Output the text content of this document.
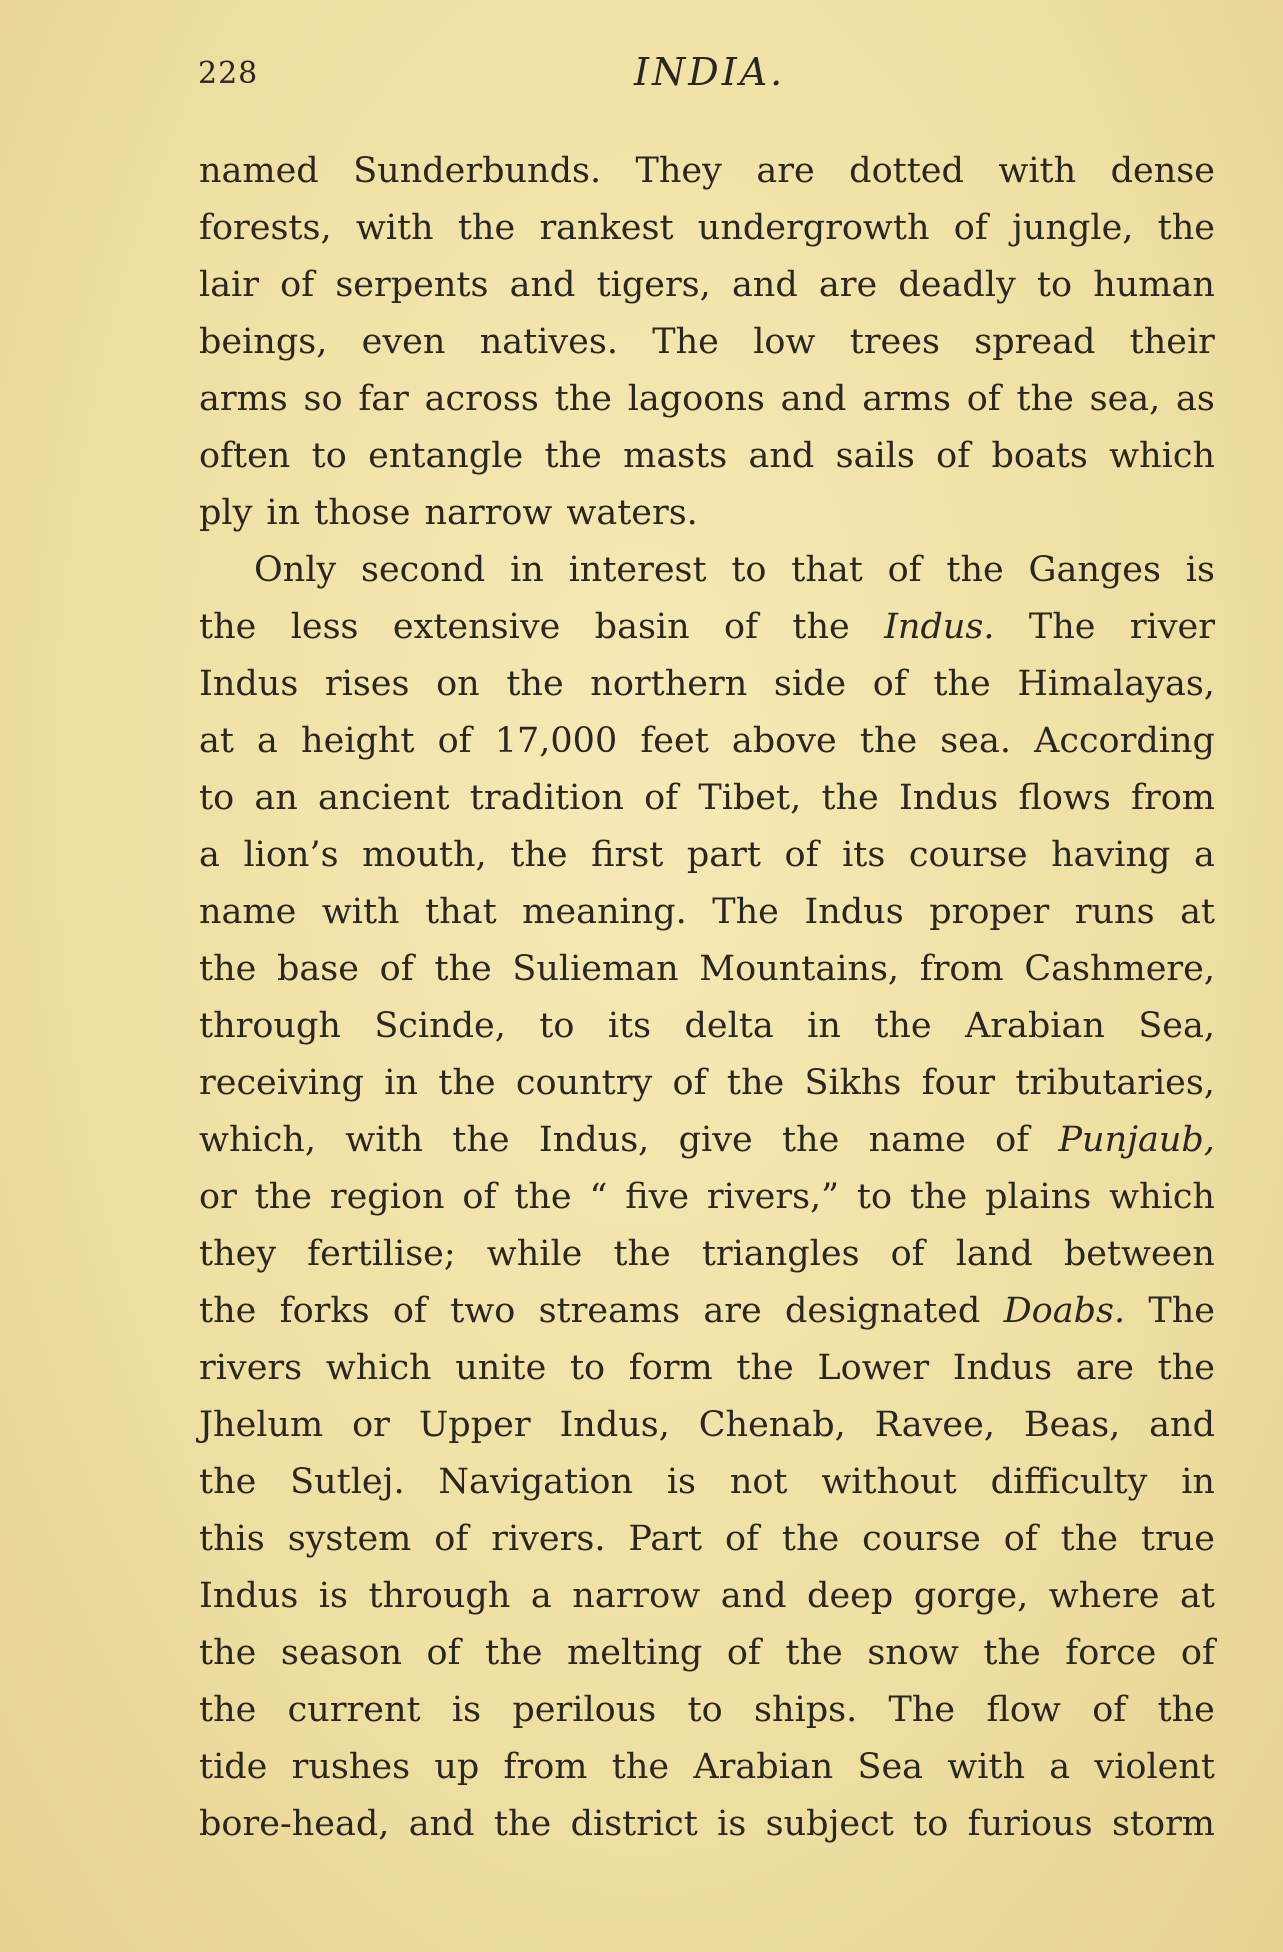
228	INDIA.
named Sunderbunds. They are dotted with dense
forests, with the rankest undergrowth of jungle, the
lair of serpents and tigers, and are deadly to human
beings, even natives. The low trees spread their
arms so far across the lagoons and arms of the sea, as
often to entangle the masts and sails of boats which
ply in those narrow waters.
Only second in interest to that of the Ganges is
the less extensive basin of the Indus. The river
Indus rises on the northern side of the Himalayas,
at a height of 17,000 feet above the sea. According
to an ancient tradition of Tibet, the Indus flows from
a lion’s mouth, the first part of its course having a
name with that meaning. The Indus proper runs at
the base of the Sulieman Mountains, from Cashmere,
through Scinde, to its delta in the Arabian Sea,
receiving in the country of the Sikhs four tributaries,
which, with the Indus, give the name of Punjaub,
or the region of the “ five rivers,” to the plains which
they fertilise; while the triangles of land between
the forks of two streams are designated Doabs. The
rivers which unite to form the Lower Indus are the
Jhelum or Upper Indus, Chenab, Ravee, Beas, and
the Sutlej. Navigation is not without difficulty in
this system of rivers. Part of the course of the true
Indus is through a narrow and deep gorge, where at
the season of the melting of the snow the force of
the current is perilous to ships. The flow of the
tide rushes up from the Arabian Sea with a violent
bore-head, and the district is subject to furious storm
